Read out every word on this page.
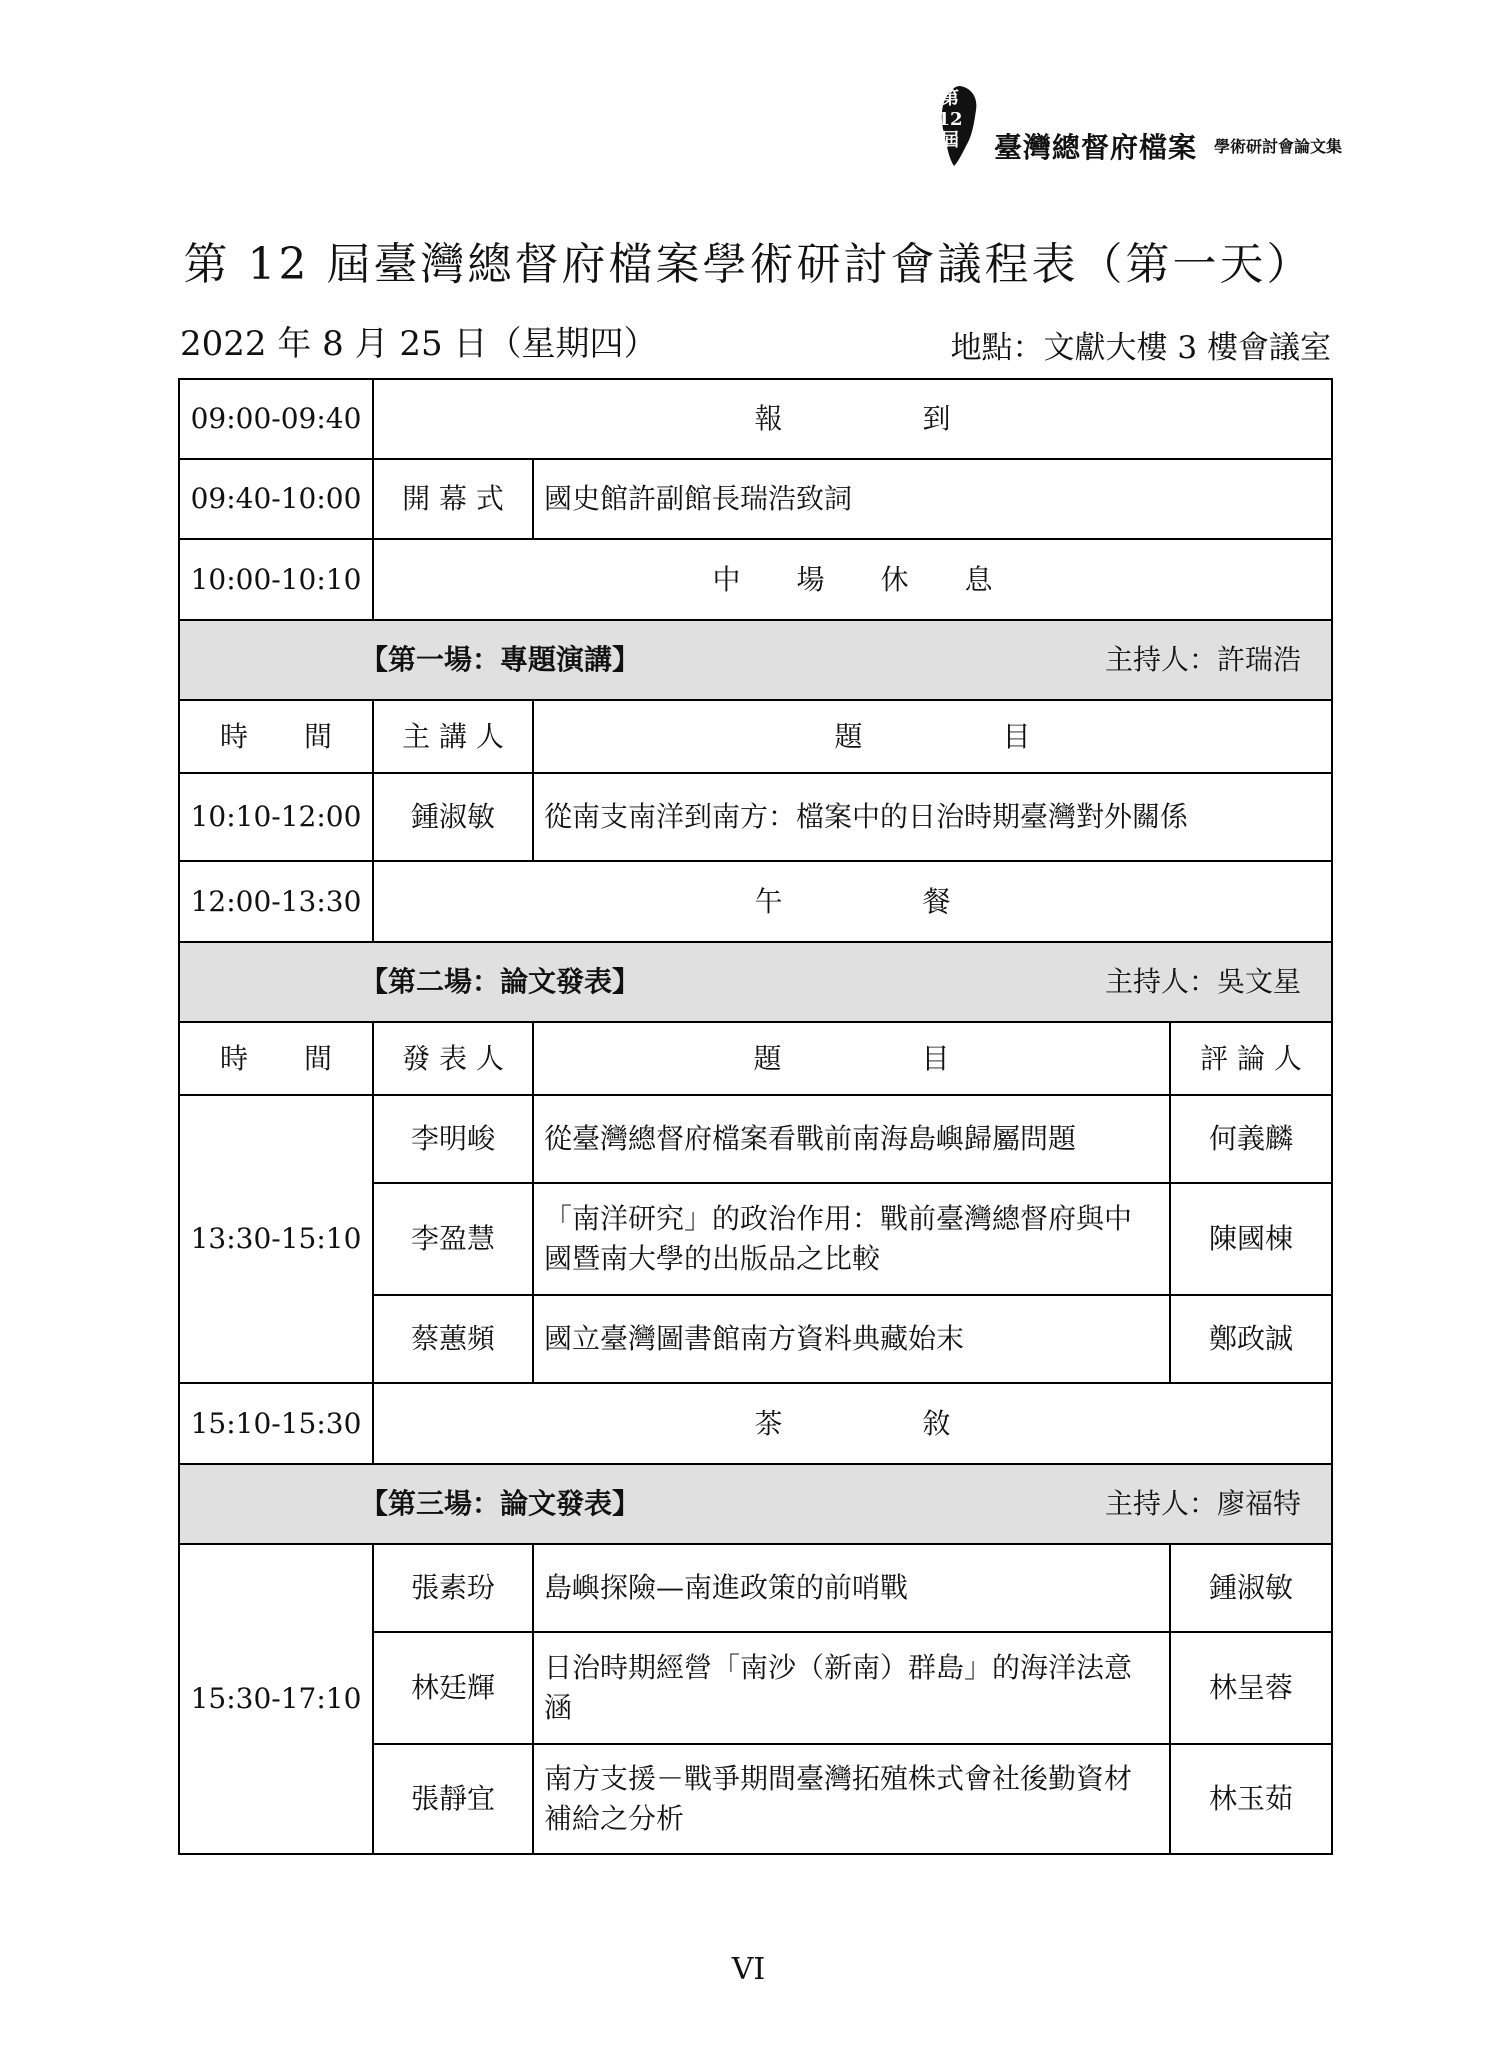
第12屆	臺灣總督府檔案 學術研討會論文集
第 12 屆臺灣總督府檔案學術研討會議程表（第一天）
2022 年 8 月 25 日（星期四）	地點：文獻大樓 3 樓會議室
09:00-09:40	報　　　　　到		
09:40-10:00	開 幕 式	國史館許副館長瑞浩致詞	
10:00-10:10	中　　場　　休　　息		

【第一場：專題演講】 主持人：許瑞浩			

時　　間	主 講 人	題　　　　　目	
10:10-12:00	鍾淑敏	從南支南洋到南方：檔案中的日治時期臺灣對外關係	
12:00-13:30	午　　　　　餐		

【第二場：論文發表】 主持人：吳文星			

時　　間	發 表 人	題　　　　　目	評 論 人
13:30-15:10	李明峻	從臺灣總督府檔案看戰前南海島嶼歸屬問題	何義麟
	李盈慧	「南洋研究」的政治作用：戰前臺灣總督府與中國暨南大學的出版品之比較	陳國棟
	蔡蕙頻	國立臺灣圖書館南方資料典藏始末	鄭政誠
15:10-15:30	茶　　　　　敘		

【第三場：論文發表】 主持人：廖福特			

15:30-17:10	張素玢	島嶼探險—南進政策的前哨戰	鍾淑敏
	林廷輝	日治時期經營「南沙（新南）群島」的海洋法意涵	林呈蓉
	張靜宜	南方支援－戰爭期間臺灣拓殖株式會社後勤資材補給之分析	林玉茹
VI
